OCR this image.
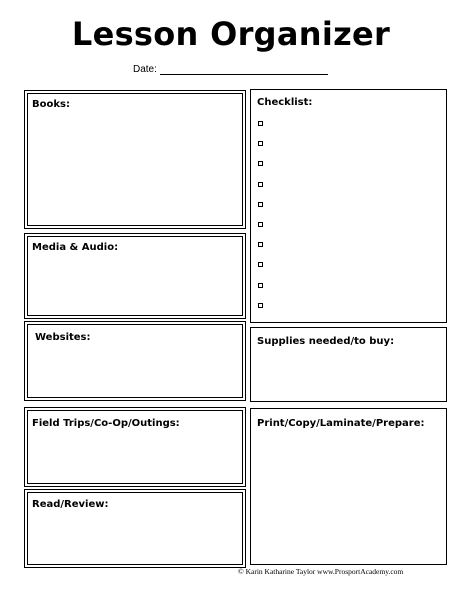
Lesson Organizer
Date:
Books:
Media & Audio:
Websites:
Field Trips/Co-Op/Outings:
Read/Review:
Checklist:
Supplies needed/to buy:
Print/Copy/Laminate/Prepare:
© Karin Katharine Taylor www.ProsportAcademy.com
